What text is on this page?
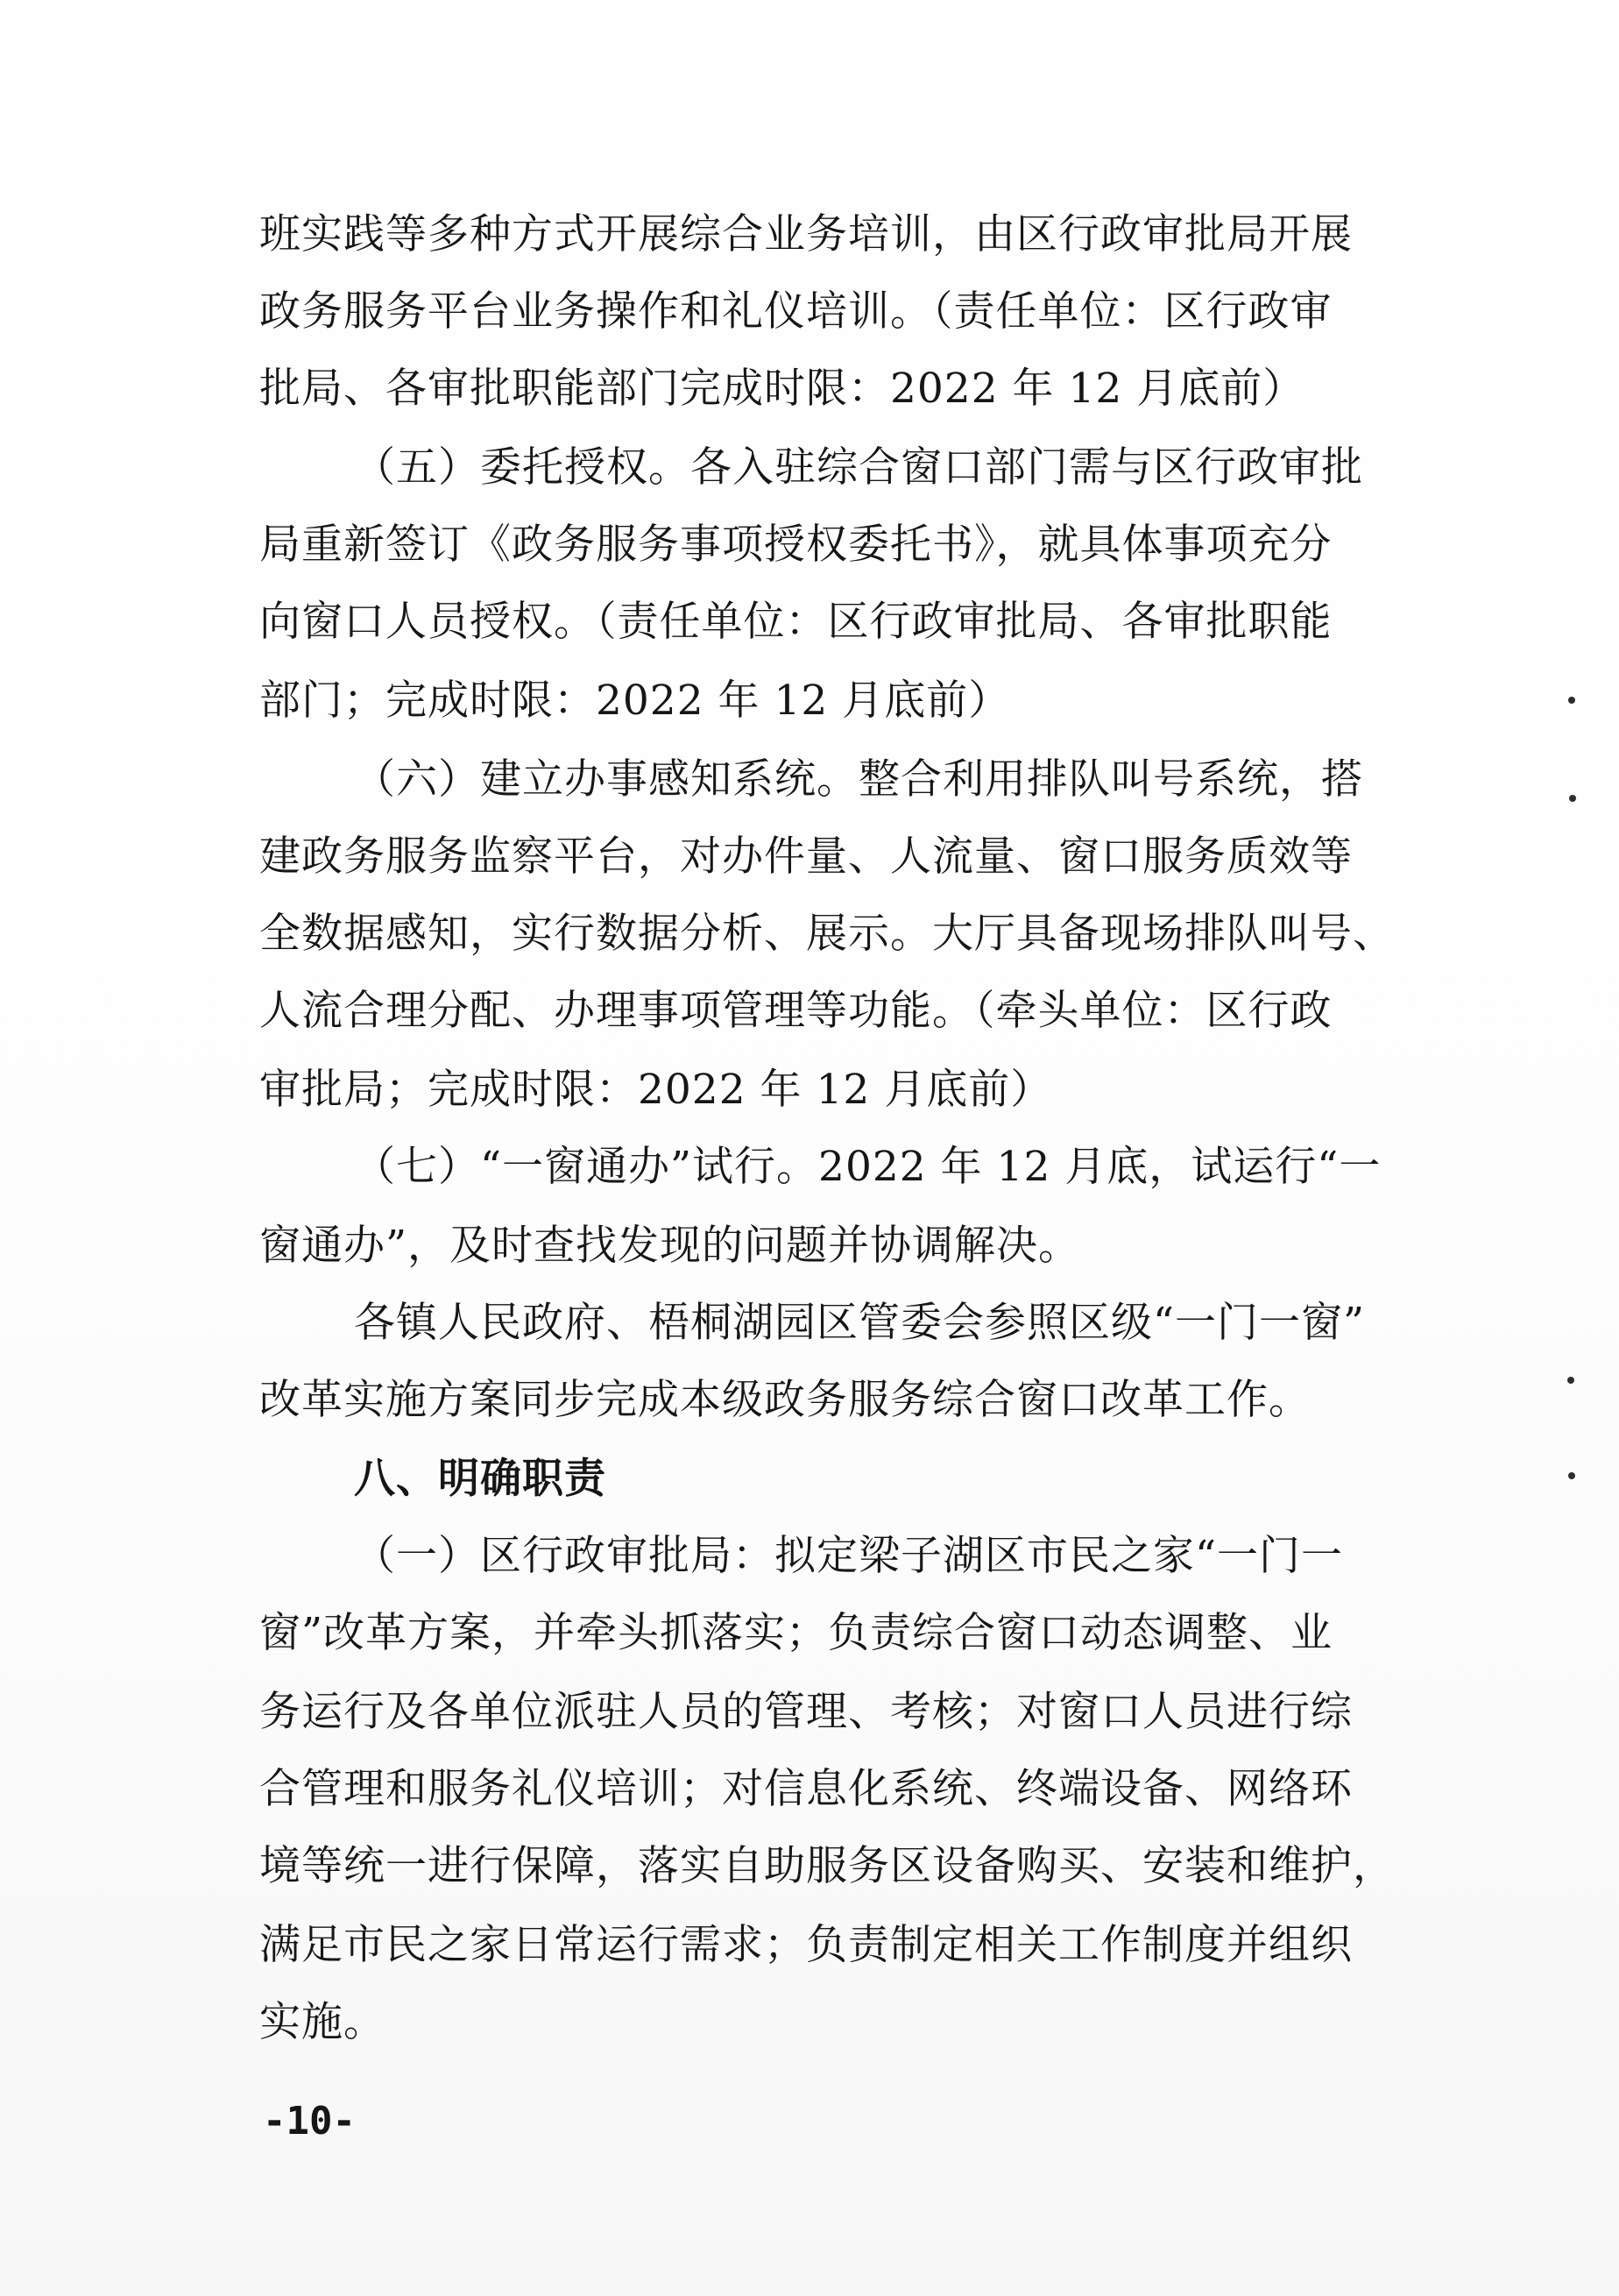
班实践等多种方式开展综合业务培训，由区行政审批局开展
政务服务平台业务操作和礼仪培训。（责任单位：区行政审
批局、各审批职能部门完成时限：2022 年 12 月底前）
（五）委托授权。各入驻综合窗口部门需与区行政审批
局重新签订《政务服务事项授权委托书》，就具体事项充分
向窗口人员授权。（责任单位：区行政审批局、各审批职能
部门；完成时限：2022 年 12 月底前）
（六）建立办事感知系统。整合利用排队叫号系统，搭
建政务服务监察平台，对办件量、人流量、窗口服务质效等
全数据感知，实行数据分析、展示。大厅具备现场排队叫号、
人流合理分配、办理事项管理等功能。（牵头单位：区行政
审批局；完成时限：2022 年 12 月底前）
（七）“一窗通办”试行。2022 年 12 月底，试运行“一
窗通办”，及时查找发现的问题并协调解决。
各镇人民政府、梧桐湖园区管委会参照区级“一门一窗”
改革实施方案同步完成本级政务服务综合窗口改革工作。
八、明确职责
（一）区行政审批局：拟定梁子湖区市民之家“一门一
窗”改革方案，并牵头抓落实；负责综合窗口动态调整、业
务运行及各单位派驻人员的管理、考核；对窗口人员进行综
合管理和服务礼仪培训；对信息化系统、终端设备、网络环
境等统一进行保障，落实自助服务区设备购买、安装和维护，
满足市民之家日常运行需求；负责制定相关工作制度并组织
实施。
-10-
